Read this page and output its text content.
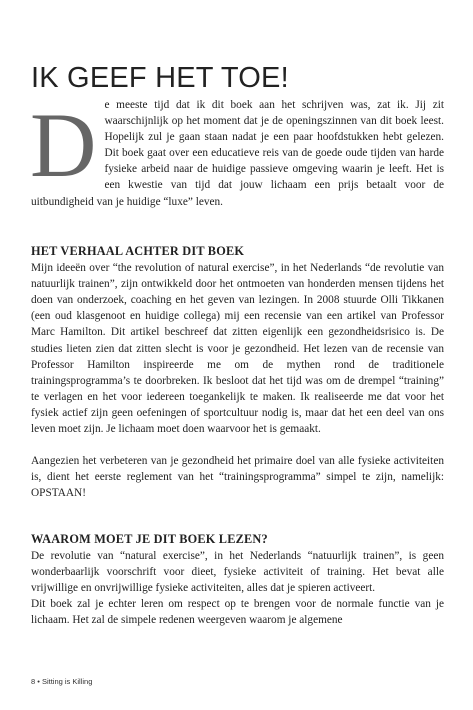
IK GEEF HET TOE!
D e meeste tijd dat ik dit boek aan het schrijven was, zat ik. Jij zit waarschijnlijk op het moment dat je de openingszinnen van dit boek leest. Hopelijk zul je gaan staan nadat je een paar hoofdstukken hebt gelezen. Dit boek gaat over een educatieve reis van de goede oude tijden van harde fysieke arbeid naar de huidige passieve omgeving waarin je leeft. Het is een kwestie van tijd dat jouw lichaam een prijs betaalt voor de uitbundigheid van je huidige “luxe” leven.

HET VERHAAL ACHTER DIT BOEK

Mijn ideeën over “the revolution of natural exercise”, in het Nederlands “de revolutie van natuurlijk trainen”, zijn ontwikkeld door het ontmoeten van honderden mensen tijdens het doen van onderzoek, coaching en het geven van lezingen. In 2008 stuurde Olli Tikkanen (een oud klasgenoot en huidige collega) mij een recensie van een artikel van Professor Marc Hamilton. Dit artikel beschreef dat zitten eigenlijk een gezondheidsrisico is. De studies lieten zien dat zitten slecht is voor je gezondheid. Het lezen van de recensie van Professor Hamilton inspireerde me om de mythen rond de traditionele trainingsprogramma’s te doorbreken. Ik besloot dat het tijd was om de drempel “training” te verlagen en het voor iedereen toegankelijk te maken. Ik realiseerde me dat voor het fysiek actief zijn geen oefeningen of sportcultuur nodig is, maar dat het een deel van ons leven moet zijn. Je lichaam moet doen waarvoor het is gemaakt.

Aangezien het verbeteren van je gezondheid het primaire doel van alle fysieke activiteiten is, dient het eerste reglement van het “trainingsprogramma” simpel te zijn, namelijk: OPSTAAN!

WAAROM MOET JE DIT BOEK LEZEN?

De revolutie van “natural exercise”, in het Nederlands “natuurlijk trainen”, is geen wonderbaarlijk voorschrift voor dieet, fysieke activiteit of training. Het bevat alle vrijwillige en onvrijwillige fysieke activiteiten, alles dat je spieren activeert.

Dit boek zal je echter leren om respect op te brengen voor de normale functie van je lichaam. Het zal de simpele redenen weergeven waarom je algemene

8 • Sitting is Killing
